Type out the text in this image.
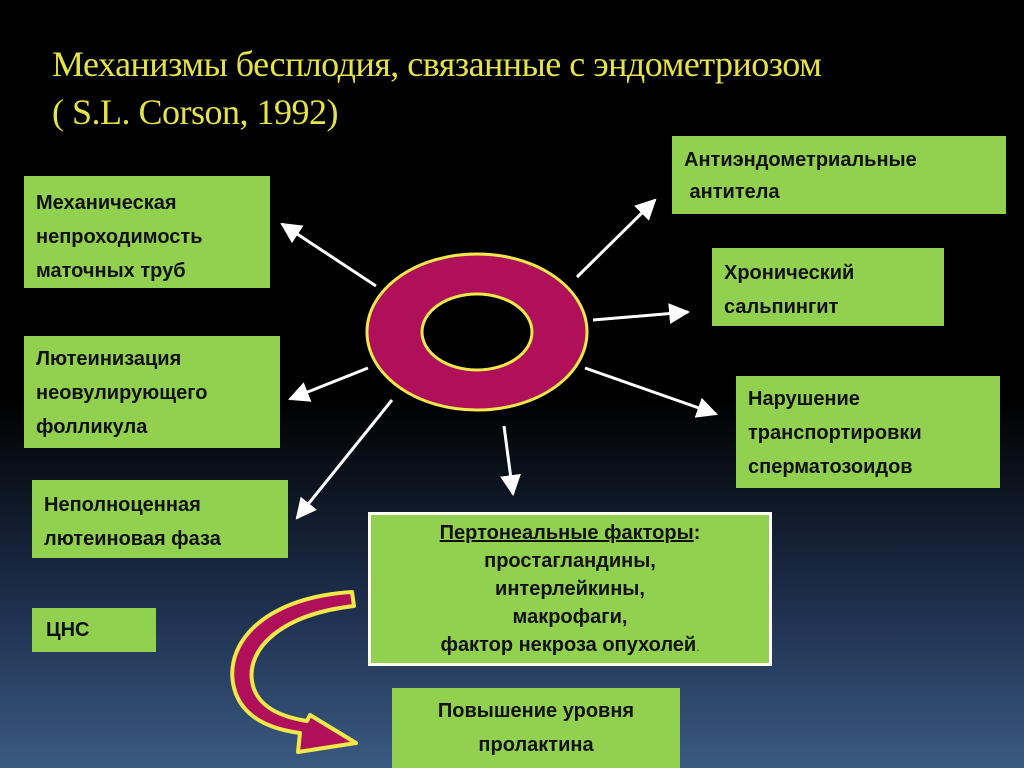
Механизмы бесплодия, связанные с эндометриозом
( S.L. Corson, 1992)
Механическая
непроходимость
маточных труб
Антиэндометриальные
антитела
Хронический
сальпингит
Лютеинизация
неовулирующего
фолликула
Нарушение
транспортировки
сперматозоидов
Неполноценная
лютеиновая фаза
ЦНС
Пертонеальные факторы:
простагландины,
интерлейкины,
макрофаги,
фактор некроза опухолей.
Повышение уровня
пролактина
